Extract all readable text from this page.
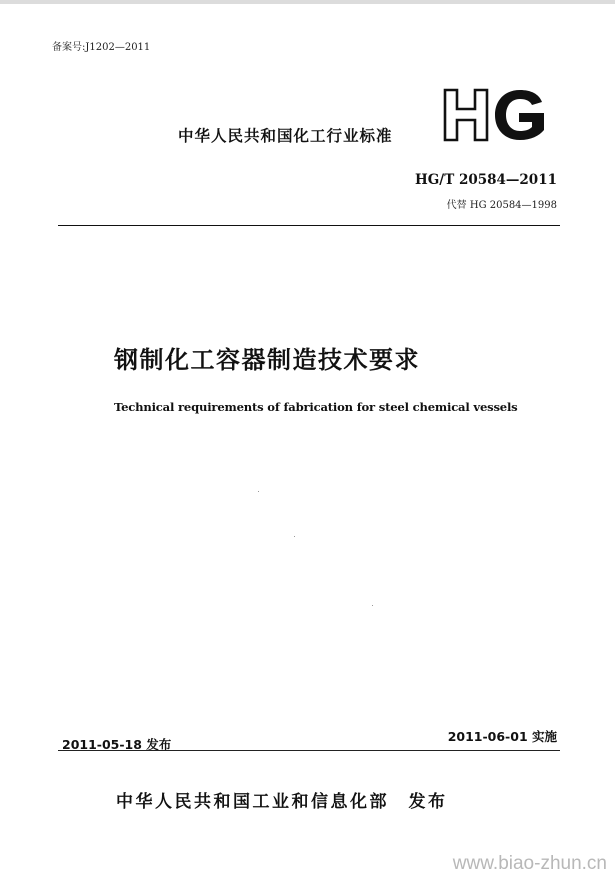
备案号:J1202—2011
中华人民共和国化工行业标准
HG/T 20584—2011
代替 HG 20584—1998
钢制化工容器制造技术要求
Technical requirements of fabrication for steel chemical vessels
2011-06-01 实施
2011-05-18 发布
中华人民共和国工业和信息化部　发布
www.biao-zhun.cn
